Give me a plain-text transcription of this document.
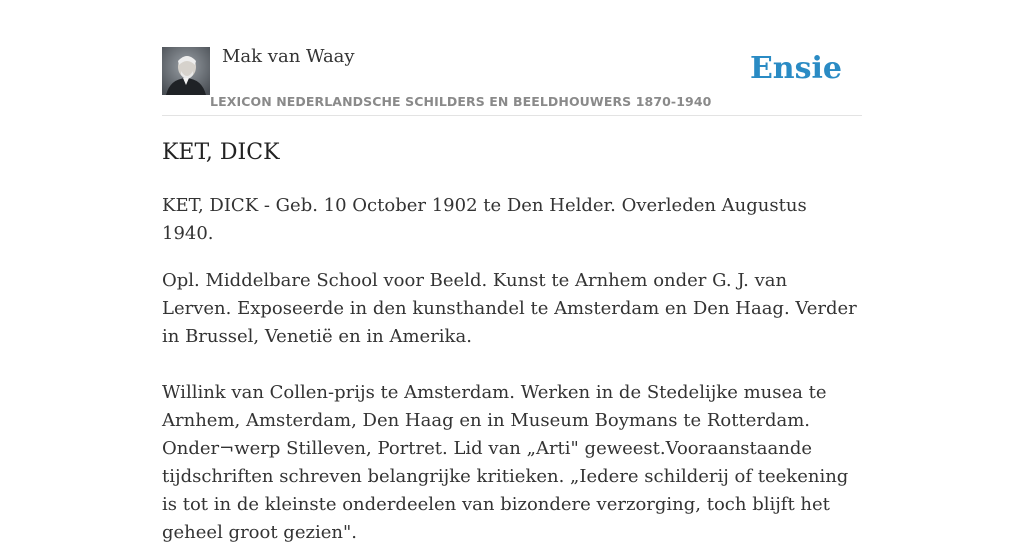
Mak van Waay
LEXICON NEDERLANDSCHE SCHILDERS EN BEELDHOUWERS 1870-1940
Ensie
KET, DICK

KET, DICK - Geb. 10 October 1902 te Den Helder. Overleden Augustus 1940.

Opl. Middelbare School voor Beeld. Kunst te Arnhem onder G. J. van Lerven. Exposeerde in den kunsthandel te Amsterdam en Den Haag. Verder in Brussel, Venetië en in Amerika.

Willink van Collen-prijs te Amsterdam. Werken in de Stedelijke musea te Arnhem, Amsterdam, Den Haag en in Museum Boymans te Rotterdam. Onder¬werp Stilleven, Portret. Lid van „Arti" geweest.Vooraanstaande tijdschriften schreven belangrijke kritieken. „Iedere schilderij of teekening is tot in de kleinste onderdeelen van bizondere verzorging, toch blijft het geheel groot gezien".
